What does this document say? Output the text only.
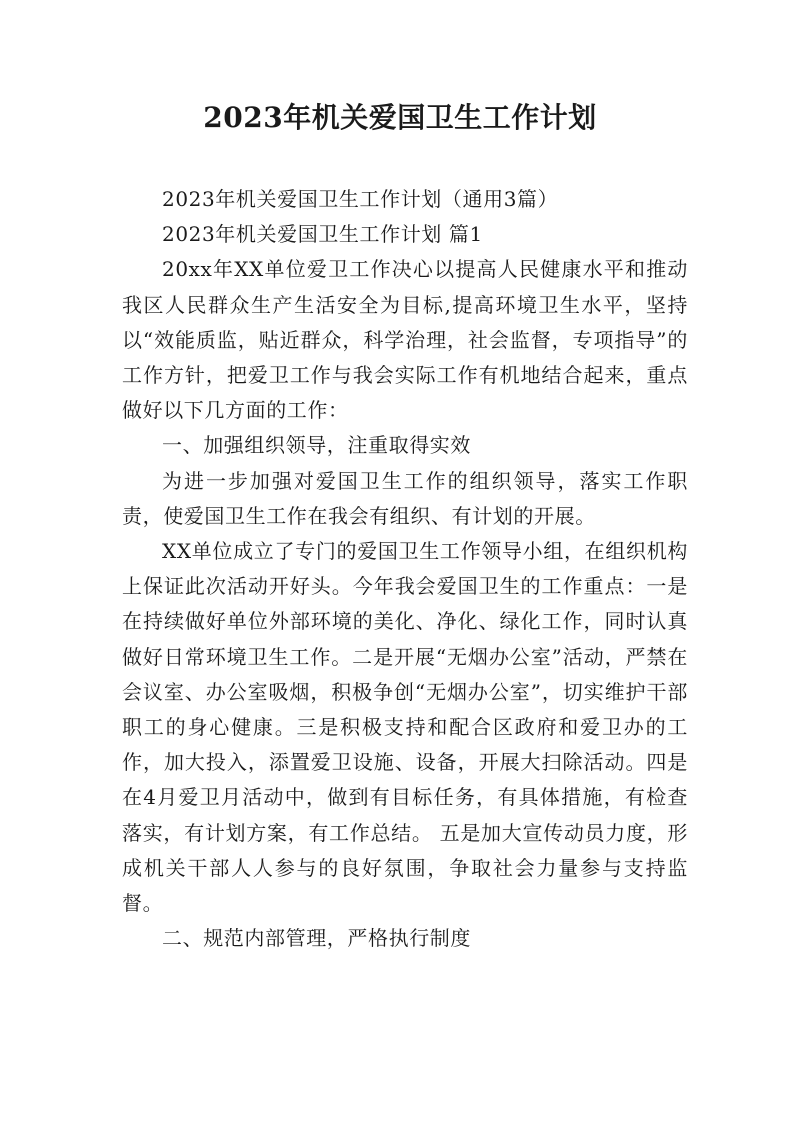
2023年机关爱国卫生工作计划

2023年机关爱国卫生工作计划（通用3篇）

2023年机关爱国卫生工作计划 篇1

20xx年XX单位爱卫工作决心以提高人民健康水平和推动我区人民群众生产生活安全为目标,提高环境卫生水平，坚持以“效能质监，贴近群众，科学治理，社会监督，专项指导”的工作方针，把爱卫工作与我会实际工作有机地结合起来，重点做好以下几方面的工作：

一、加强组织领导，注重取得实效

为进一步加强对爱国卫生工作的组织领导，落实工作职责，使爱国卫生工作在我会有组织、有计划的开展。

XX单位成立了专门的爱国卫生工作领导小组，在组织机构上保证此次活动开好头。今年我会爱国卫生的工作重点：一是在持续做好单位外部环境的美化、净化、绿化工作，同时认真做好日常环境卫生工作。二是开展“无烟办公室”活动，严禁在会议室、办公室吸烟，积极争创“无烟办公室”，切实维护干部职工的身心健康。三是积极支持和配合区政府和爱卫办的工作，加大投入，添置爱卫设施、设备，开展大扫除活动。四是在4月爱卫月活动中，做到有目标任务，有具体措施，有检查落实，有计划方案，有工作总结。 五是加大宣传动员力度，形成机关干部人人参与的良好氛围，争取社会力量参与支持监督。

二、规范内部管理，严格执行制度
